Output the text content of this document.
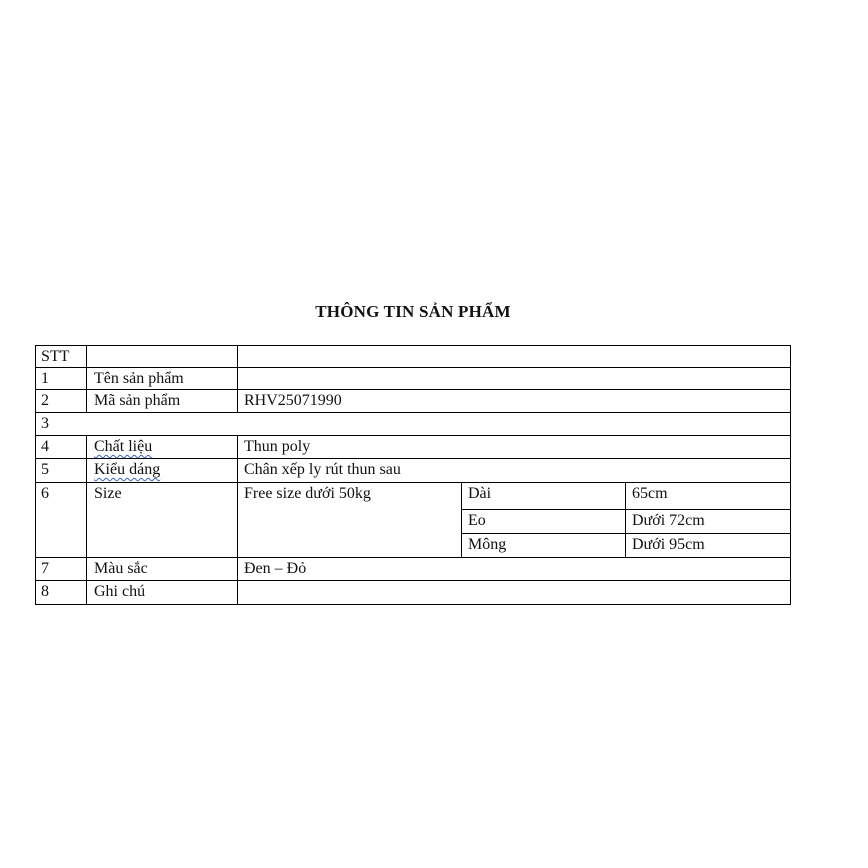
THÔNG TIN SẢN PHẨM
STT
1	Tên sản phẩm
2	Mã sản phẩm	RHV25071990
3
4	Chất liệu	Thun poly
5	Kiểu dáng	Chân xếp ly rút thun sau
6	Size	Free size dưới 50kg	Dài	65cm
Eo	Dưới 72cm
Mông	Dưới 95cm
7	Màu sắc	Đen – Đỏ
8	Ghi chú
